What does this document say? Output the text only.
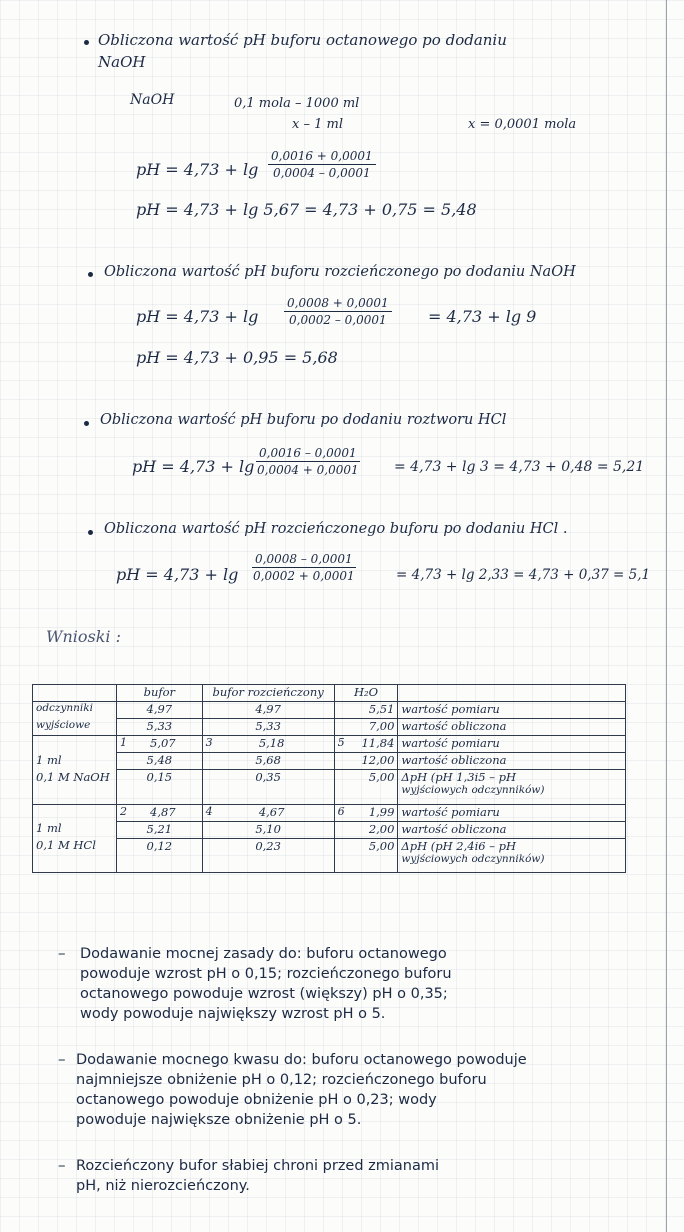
Obliczona wartość pH buforu octanowego po dodaniu
NaOH
NaOH	0,1 mola – 1000 ml
x – 1 ml	x = 0,0001 mola
pH = $4,73 + \lg \frac{0,0016 + 0,0001}{0,0004 - 0,0001}$
pH = 4,73 + lg 5,67 = 4,73 + 0,75 = 5,48
Obliczona wartość pH buforu rozcieńczonego po dodaniu NaOH
pH = $4,73 + \lg \frac{0,0008 + 0,0001}{0,0002 - 0,0001} = 4,73 + \lg 9$
pH = 4,73 + 0,95 = 5,68
Obliczona wartość pH buforu po dodaniu roztworu HCl
pH = $4,73 + \lg \frac{0,0016 - 0,0001}{0,0004 + 0,0001} = 4,73 + \lg 3 = 4,73 + 0,48 = 5,21$
Obliczona wartość pH rozcieńczonego buforu po dodaniu HCl .
pH = $4,73 + \lg \frac{0,0008 - 0,0001}{0,0002 + 0,0001}$	= 4,73 + lg 2,33 = 4,73 + 0,37 = 5,1
Wnioski :
	bufor	bufor rozcieńczony	H₂O	
odczynniki	4,97	4,97	5,51	wartość pomiaru
wyjściowe	5,33	5,33	7,00	wartość obliczona

	1 5,07	3 5,18	5 11,84	wartość pomiaru
1 ml	5,48	5,68	12,00	wartość obliczona
0,1 M NaOH	0,15	0,35	5,00	ΔpH (pH 1,3i5 – pH
wyjściowych odczynników)

	2 4,87	4 4,67	6 1,99	wartość pomiaru
1 ml	5,21	5,10	2,00	wartość obliczona
0,1 M HCl	0,12	0,23	5,00	ΔpH (pH 2,4i6 – pH
wyjściowych odczynników)
– Dodawanie mocnej zasady do: buforu octanowego
powoduje wzrost pH o 0,15; rozcieńczonego buforu
octanowego powoduje wzrost (większy) pH o 0,35;
wody powoduje największy wzrost pH o 5.
– Dodawanie mocnego kwasu do: buforu octanowego powoduje
najmniejsze obniżenie pH o 0,12; rozcieńczonego buforu
octanowego powoduje obniżenie pH o 0,23; wody
powoduje największe obniżenie pH o 5.
– Rozcieńczony bufor słabiej chroni przed zmianami
pH, niż nierozcieńczony.
